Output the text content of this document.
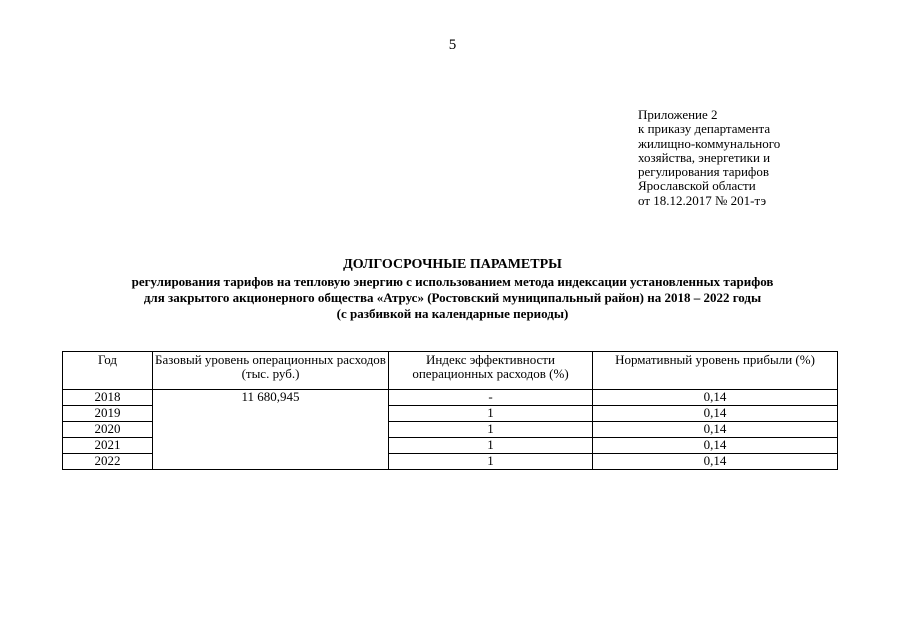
5
Приложение 2
к приказу департамента
жилищно-коммунального
хозяйства, энергетики и
регулирования тарифов
Ярославской области
от 18.12.2017 № 201-тэ
ДОЛГОСРОЧНЫЕ ПАРАМЕТРЫ
регулирования тарифов на тепловую энергию с использованием метода индексации установленных тарифов
для закрытого акционерного общества «Атрус» (Ростовский муниципальный район) на 2018 – 2022 годы
(с разбивкой на календарные периоды)
Год	Базовый уровень операционных расходов (тыс. руб.)	Индекс эффективности операционных расходов (%)	Нормативный уровень прибыли (%)
2018	11 680,945	-	0,14
2019		1	0,14
2020		1	0,14
2021		1	0,14
2022		1	0,14
